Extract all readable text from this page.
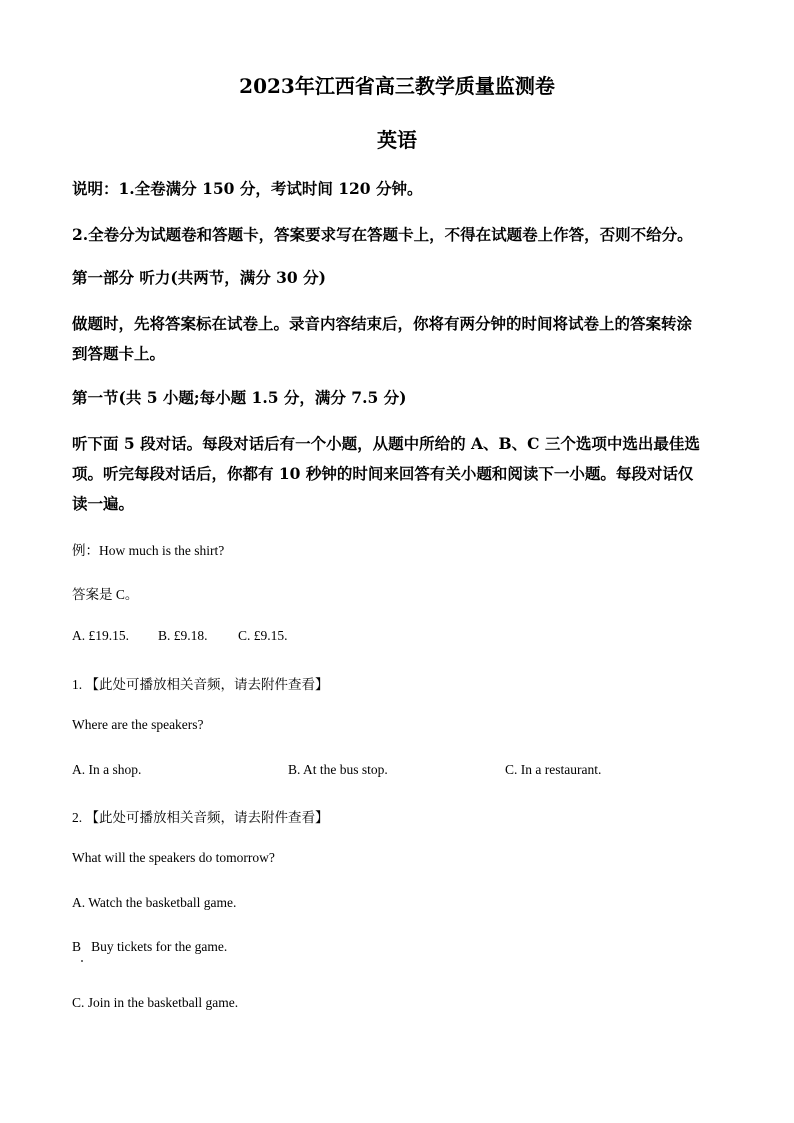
2023年江西省高三教学质量监测卷
英语
说明：1.全卷满分 150 分，考试时间 120 分钟。
2.全卷分为试题卷和答题卡，答案要求写在答题卡上，不得在试题卷上作答，否则不给分。
第一部分 听力(共两节，满分 30 分)
做题时，先将答案标在试卷上。录音内容结束后，你将有两分钟的时间将试卷上的答案转涂
到答题卡上。
第一节(共 5 小题;每小题 1.5 分，满分 7.5 分)
听下面 5 段对话。每段对话后有一个小题，从题中所给的 A、B、C 三个选项中选出最佳选
项。听完每段对话后，你都有 10 秒钟的时间来回答有关小题和阅读下一小题。每段对话仅
读一遍。
例：How much is the shirt?
答案是 C。
A. £19.15. B. £9.18. C. £9.15.
1. 【此处可播放相关音频，请去附件查看】
Where are the speakers?
A. In a shop.	B. At the bus stop.	C. In a restaurant.
2. 【此处可播放相关音频，请去附件查看】
What will the speakers do tomorrow?
A. Watch the basketball game.
B   Buy tickets for the game.
C. Join in the basketball game.
